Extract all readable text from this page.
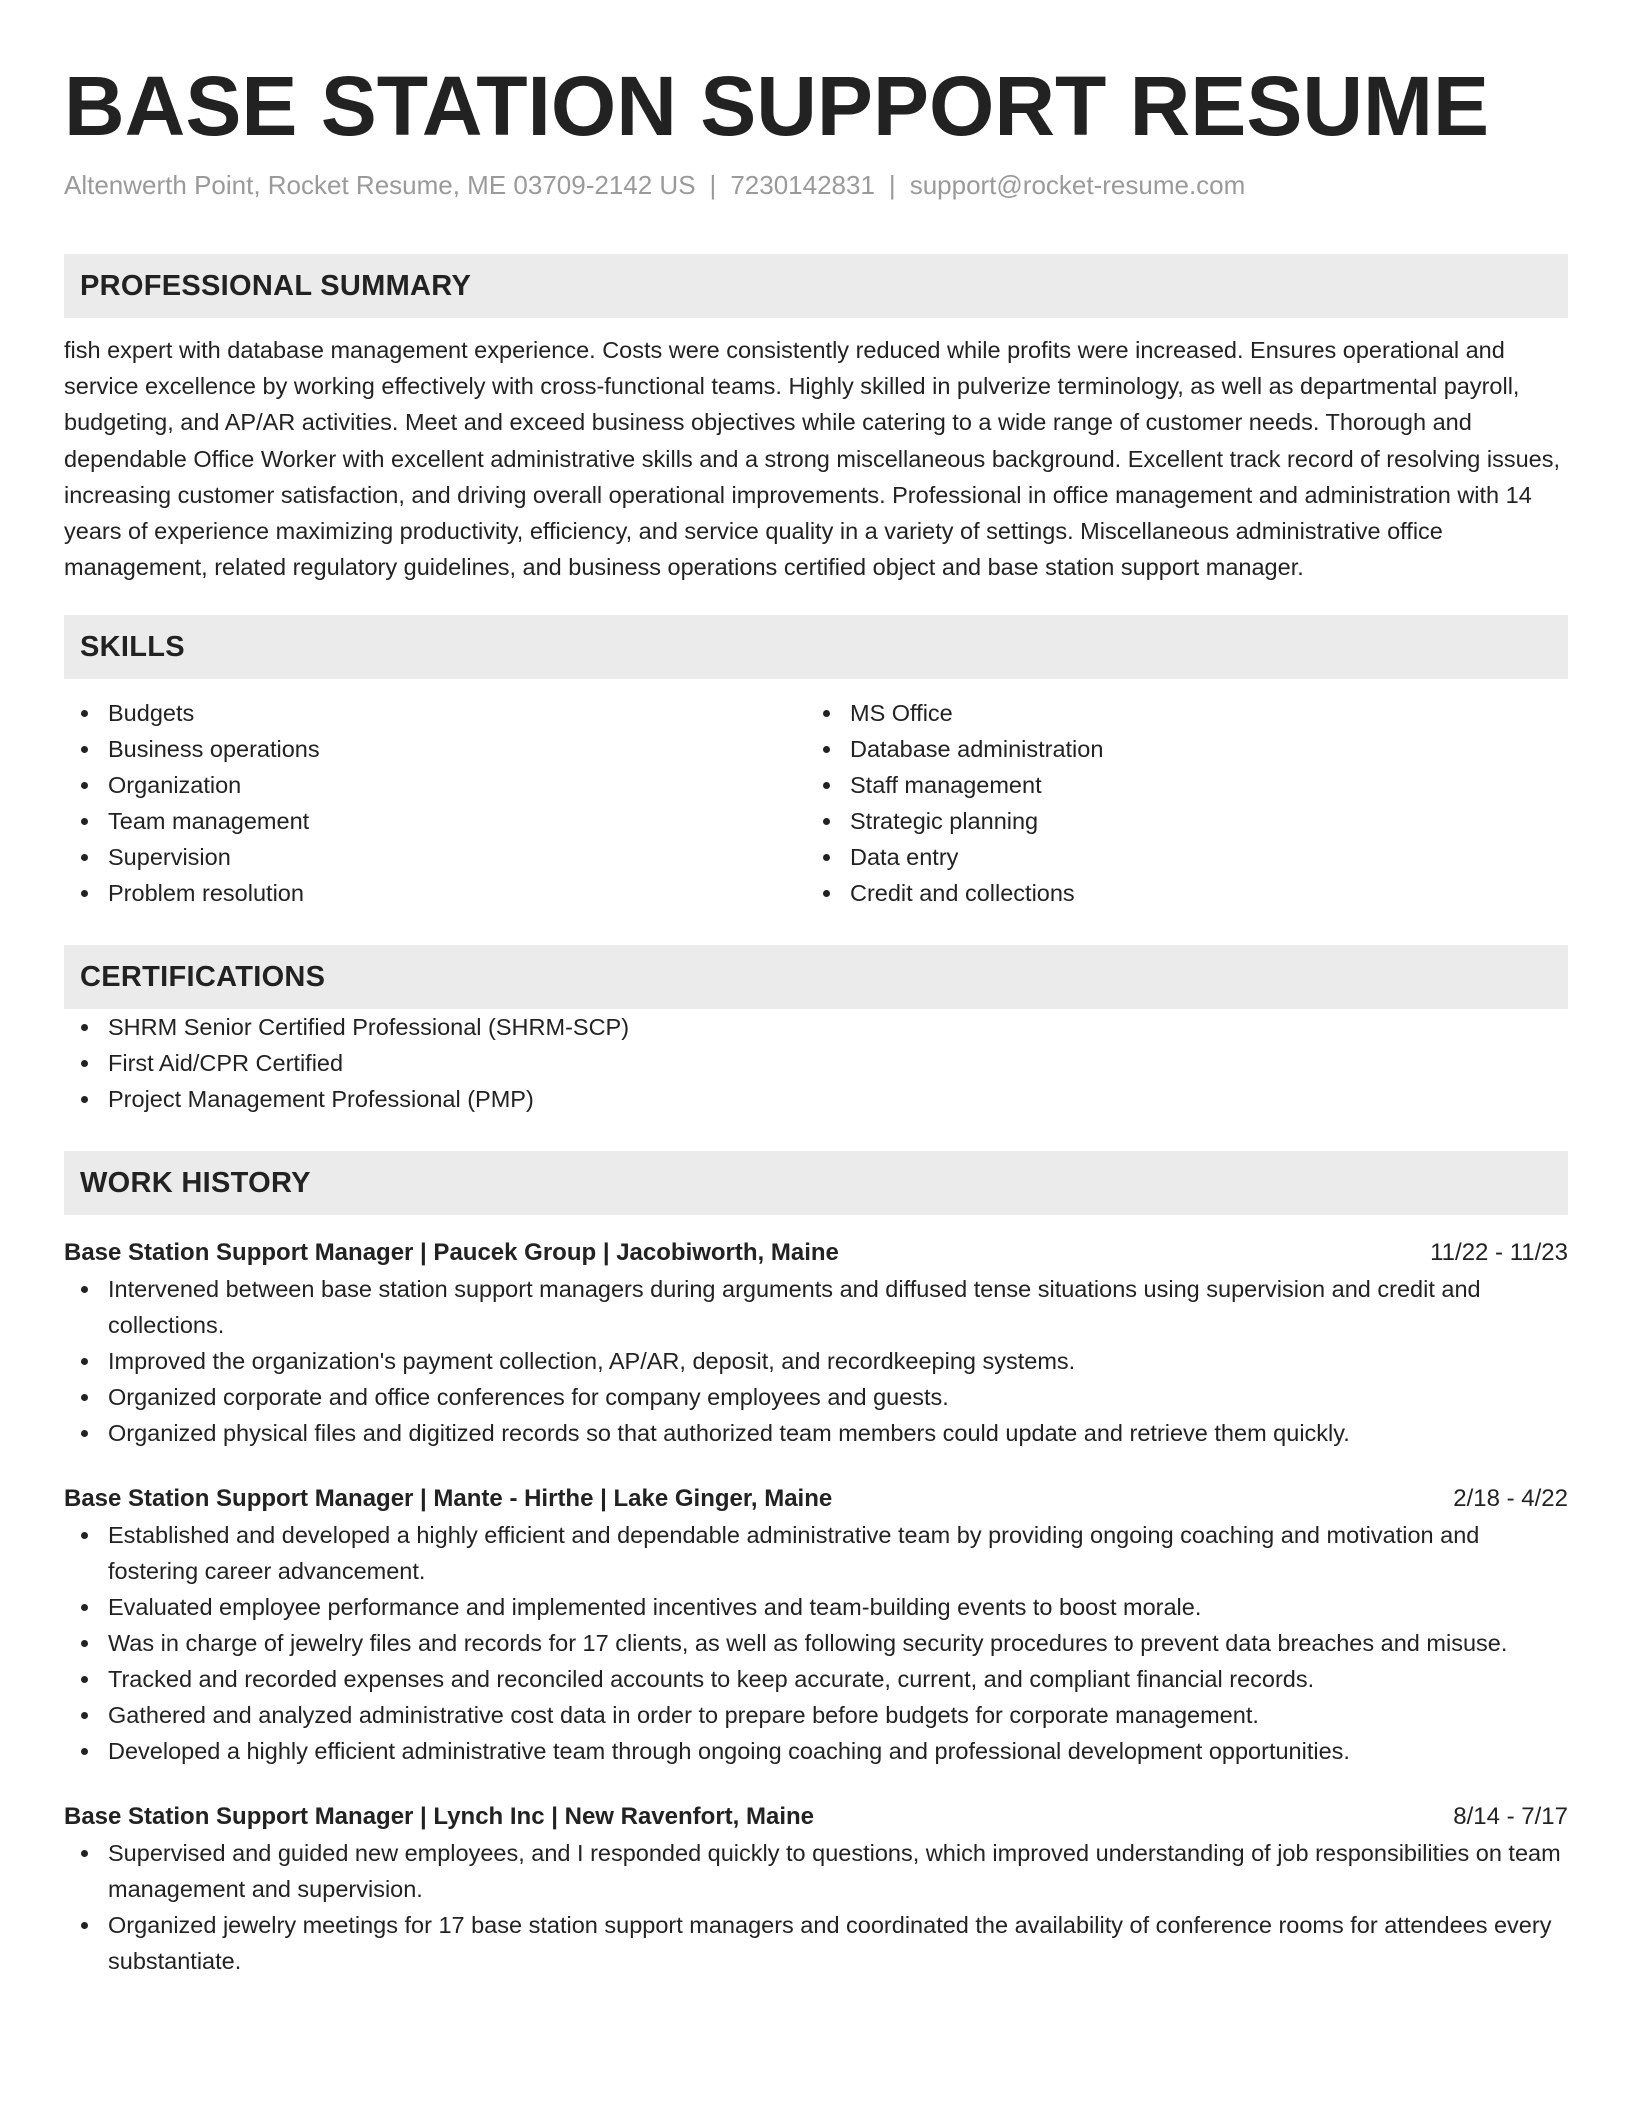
BASE STATION SUPPORT RESUME
Altenwerth Point, Rocket Resume, ME 03709-2142 US | 7230142831 | support@rocket-resume.com
PROFESSIONAL SUMMARY

fish expert with database management experience. Costs were consistently reduced while profits were increased. Ensures operational and service excellence by working effectively with cross-functional teams. Highly skilled in pulverize terminology, as well as departmental payroll, budgeting, and AP/AR activities. Meet and exceed business objectives while catering to a wide range of customer needs. Thorough and dependable Office Worker with excellent administrative skills and a strong miscellaneous background. Excellent track record of resolving issues, increasing customer satisfaction, and driving overall operational improvements. Professional in office management and administration with 14 years of experience maximizing productivity, efficiency, and service quality in a variety of settings. Miscellaneous administrative office management, related regulatory guidelines, and business operations certified object and base station support manager.

SKILLS
Budgets
Business operations
Organization
Team management
Supervision
Problem resolution
MS Office
Database administration
Staff management
Strategic planning
Data entry
Credit and collections
CERTIFICATIONS
SHRM Senior Certified Professional (SHRM-SCP)
First Aid/CPR Certified
Project Management Professional (PMP)
WORK HISTORY
Base Station Support Manager | Paucek Group | Jacobiworth, Maine	11/22 - 11/23
Intervened between base station support managers during arguments and diffused tense situations using supervision and credit and collections.
Improved the organization's payment collection, AP/AR, deposit, and recordkeeping systems.
Organized corporate and office conferences for company employees and guests.
Organized physical files and digitized records so that authorized team members could update and retrieve them quickly.
Base Station Support Manager | Mante - Hirthe | Lake Ginger, Maine	2/18 - 4/22
Established and developed a highly efficient and dependable administrative team by providing ongoing coaching and motivation and fostering career advancement.
Evaluated employee performance and implemented incentives and team-building events to boost morale.
Was in charge of jewelry files and records for 17 clients, as well as following security procedures to prevent data breaches and misuse.
Tracked and recorded expenses and reconciled accounts to keep accurate, current, and compliant financial records.
Gathered and analyzed administrative cost data in order to prepare before budgets for corporate management.
Developed a highly efficient administrative team through ongoing coaching and professional development opportunities.
Base Station Support Manager | Lynch Inc | New Ravenfort, Maine	8/14 - 7/17
Supervised and guided new employees, and I responded quickly to questions, which improved understanding of job responsibilities on team management and supervision.
Organized jewelry meetings for 17 base station support managers and coordinated the availability of conference rooms for attendees every substantiate.
